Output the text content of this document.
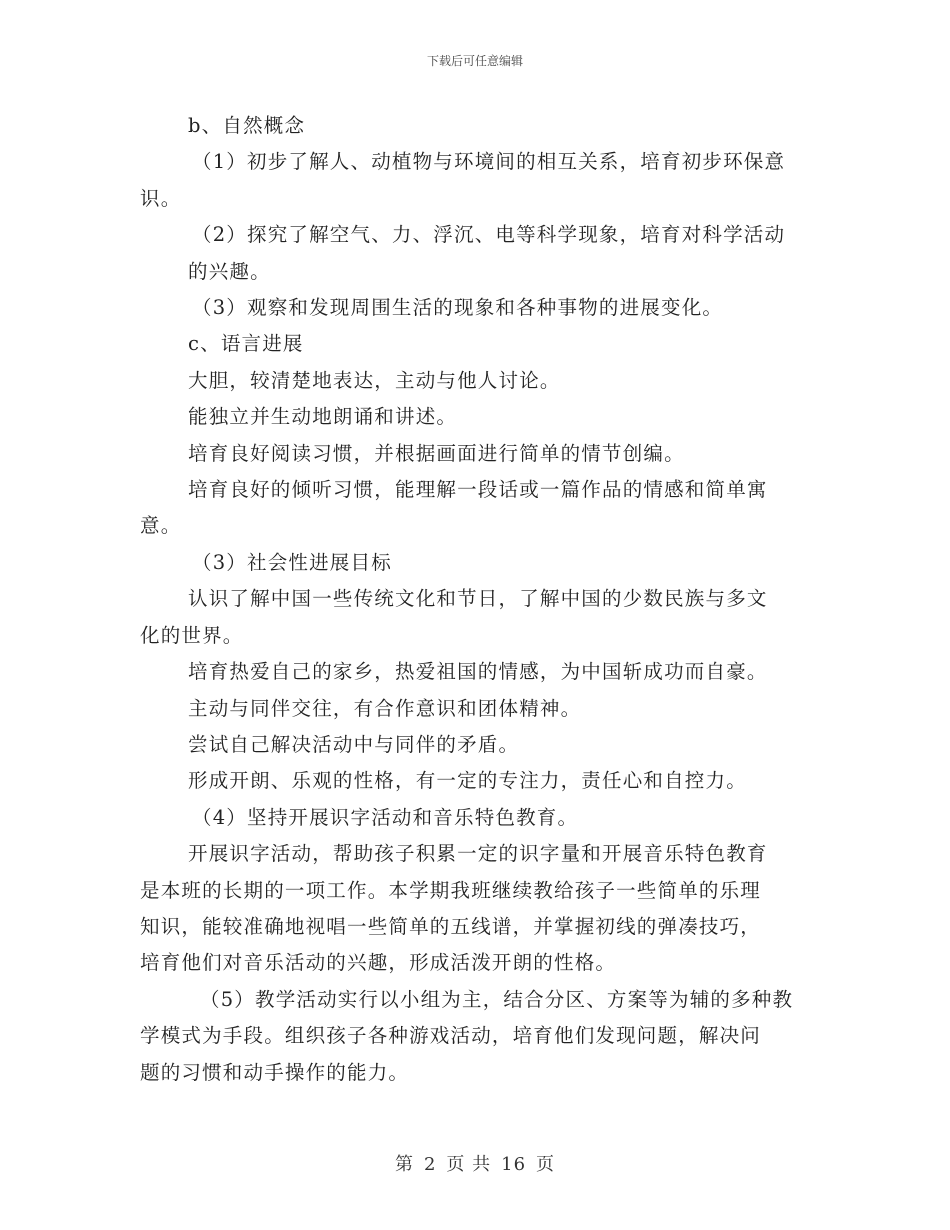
下载后可任意编辑
b、自然概念
（1）初步了解人、动植物与环境间的相互关系，培育初步环保意
识。
（2）探究了解空气、力、浮沉、电等科学现象，培育对科学活动
的兴趣。
（3）观察和发现周围生活的现象和各种事物的进展变化。
c、语言进展
大胆，较清楚地表达，主动与他人讨论。
能独立并生动地朗诵和讲述。
培育良好阅读习惯，并根据画面进行简单的情节创编。
培育良好的倾听习惯，能理解一段话或一篇作品的情感和简单寓
意。
（3）社会性进展目标
认识了解中国一些传统文化和节日，了解中国的少数民族与多文
化的世界。
培育热爱自己的家乡，热爱祖国的情感，为中国斩成功而自豪。
主动与同伴交往，有合作意识和团体精神。
尝试自己解决活动中与同伴的矛盾。
形成开朗、乐观的性格，有一定的专注力，责任心和自控力。
（4）坚持开展识字活动和音乐特色教育。
开展识字活动，帮助孩子积累一定的识字量和开展音乐特色教育
是本班的长期的一项工作。本学期我班继续教给孩子一些简单的乐理
知识，能较准确地视唱一些简单的五线谱，并掌握初线的弹凑技巧，
培育他们对音乐活动的兴趣，形成活泼开朗的性格。
（5）教学活动实行以小组为主，结合分区、方案等为辅的多种教
学模式为手段。组织孩子各种游戏活动，培育他们发现问题，解决问
题的习惯和动手操作的能力。
第 2 页 共 16 页
